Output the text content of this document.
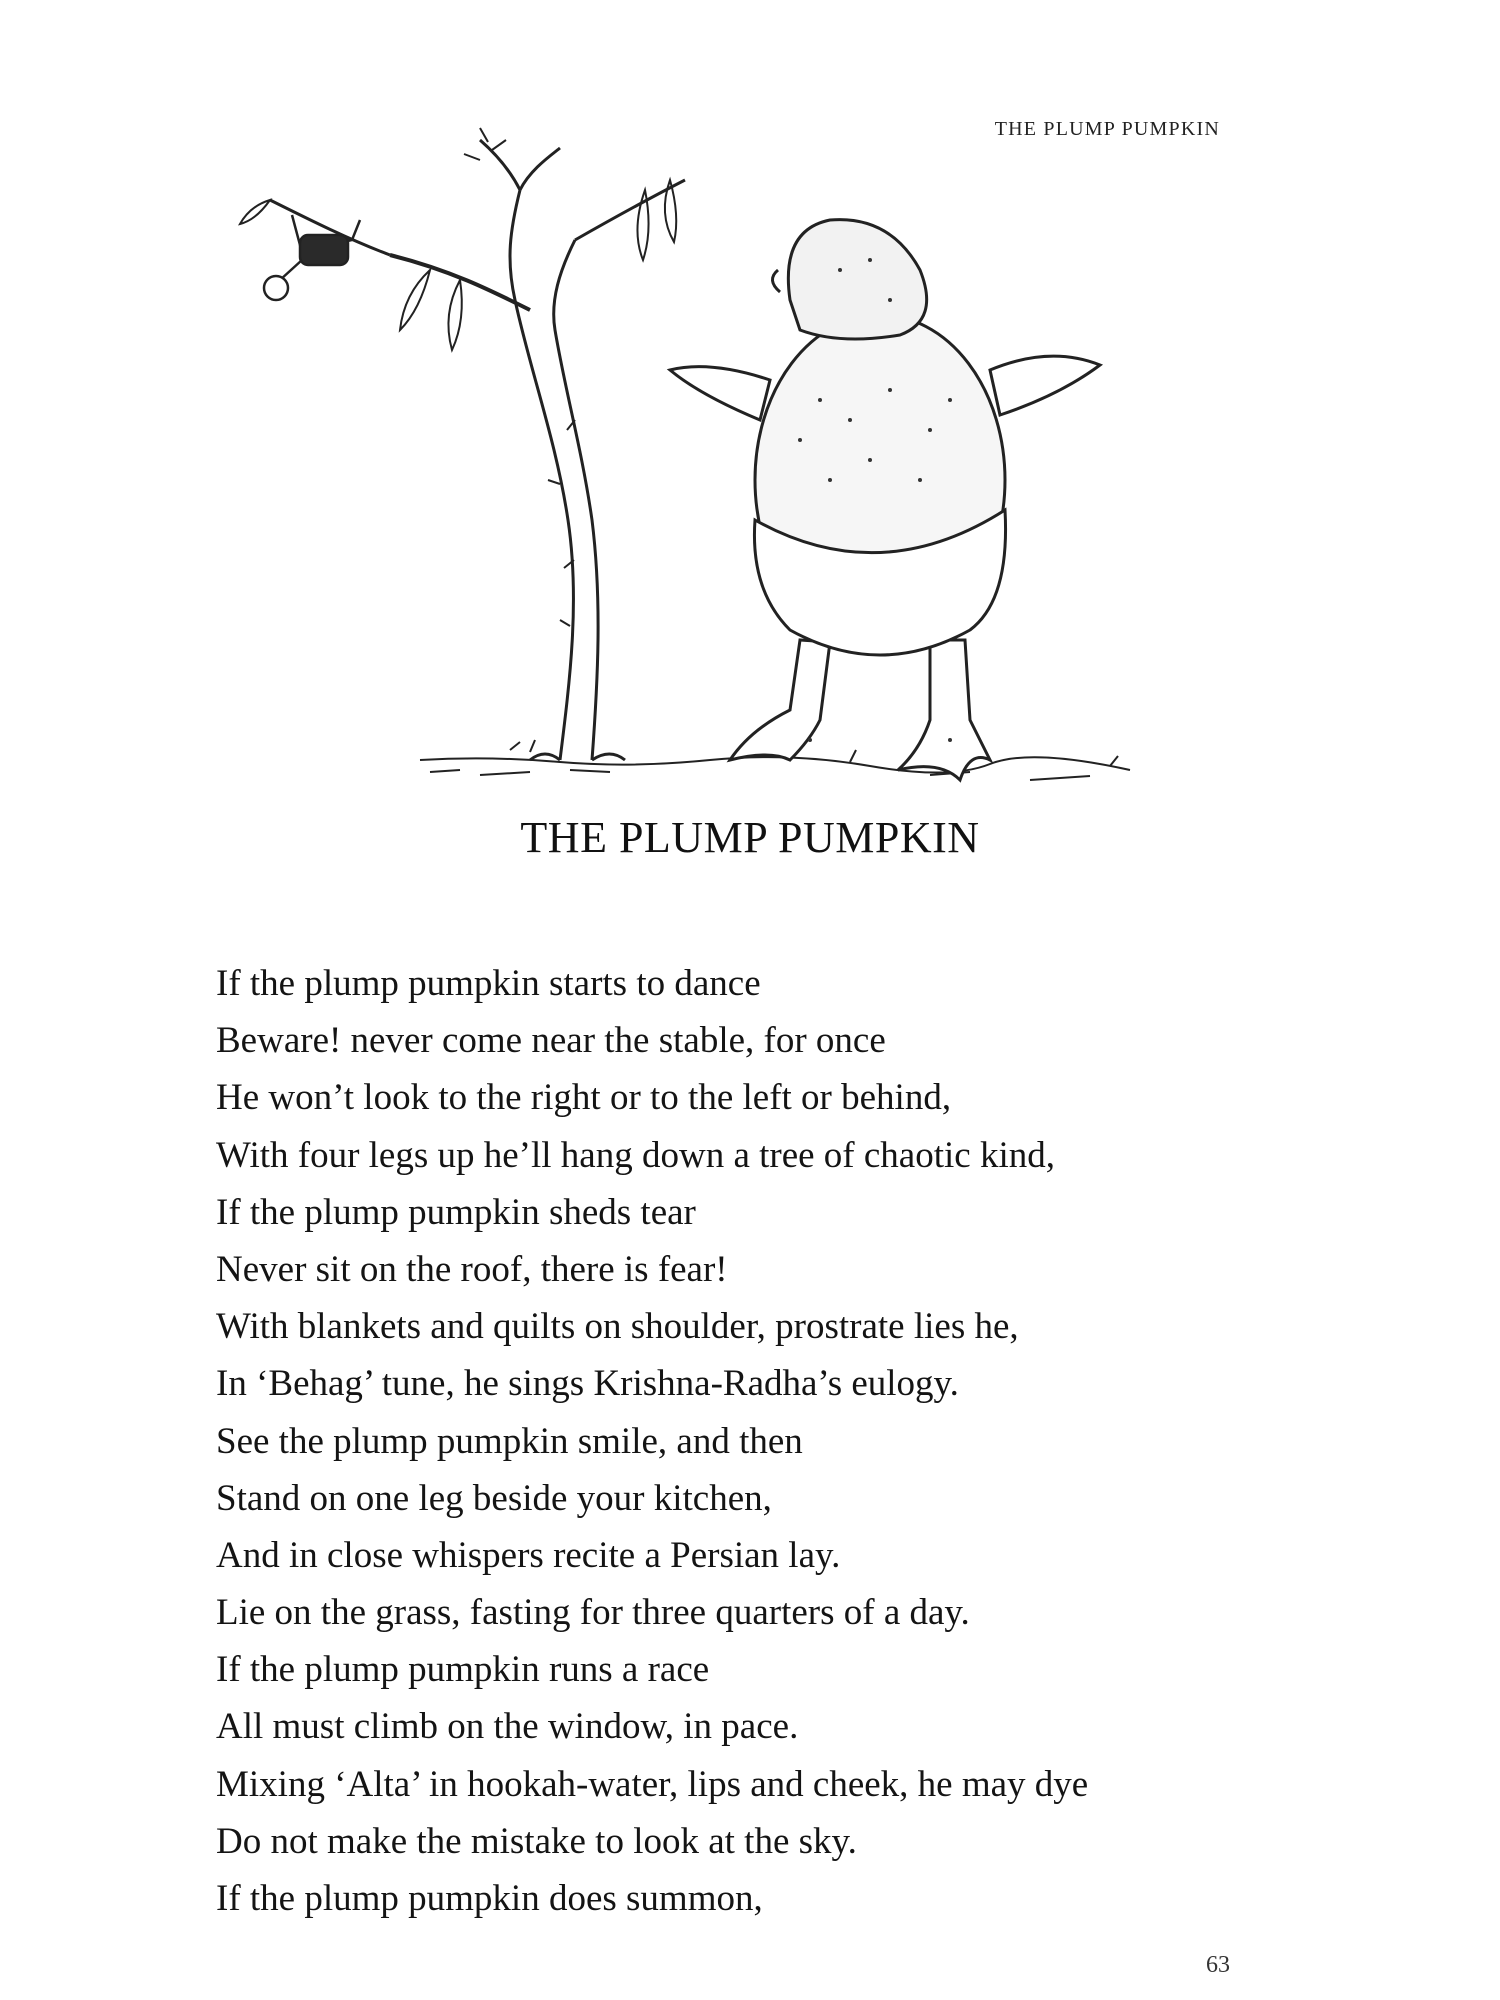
THE PLUMP PUMPKIN
THE PLUMP PUMPKIN
If the plump pumpkin starts to dance
Beware! never come near the stable, for once
He won’t look to the right or to the left or behind,
With four legs up he’ll hang down a tree of chaotic kind,
If the plump pumpkin sheds tear
Never sit on the roof, there is fear!
With blankets and quilts on shoulder, prostrate lies he,
In ‘Behag’ tune, he sings Krishna-Radha’s eulogy.
See the plump pumpkin smile, and then
Stand on one leg beside your kitchen,
And in close whispers recite a Persian lay.
Lie on the grass, fasting for three quarters of a day.
If the plump pumpkin runs a race
All must climb on the window, in pace.
Mixing ‘Alta’ in hookah-water, lips and cheek, he may dye
Do not make the mistake to look at the sky.
If the plump pumpkin does summon,
63
